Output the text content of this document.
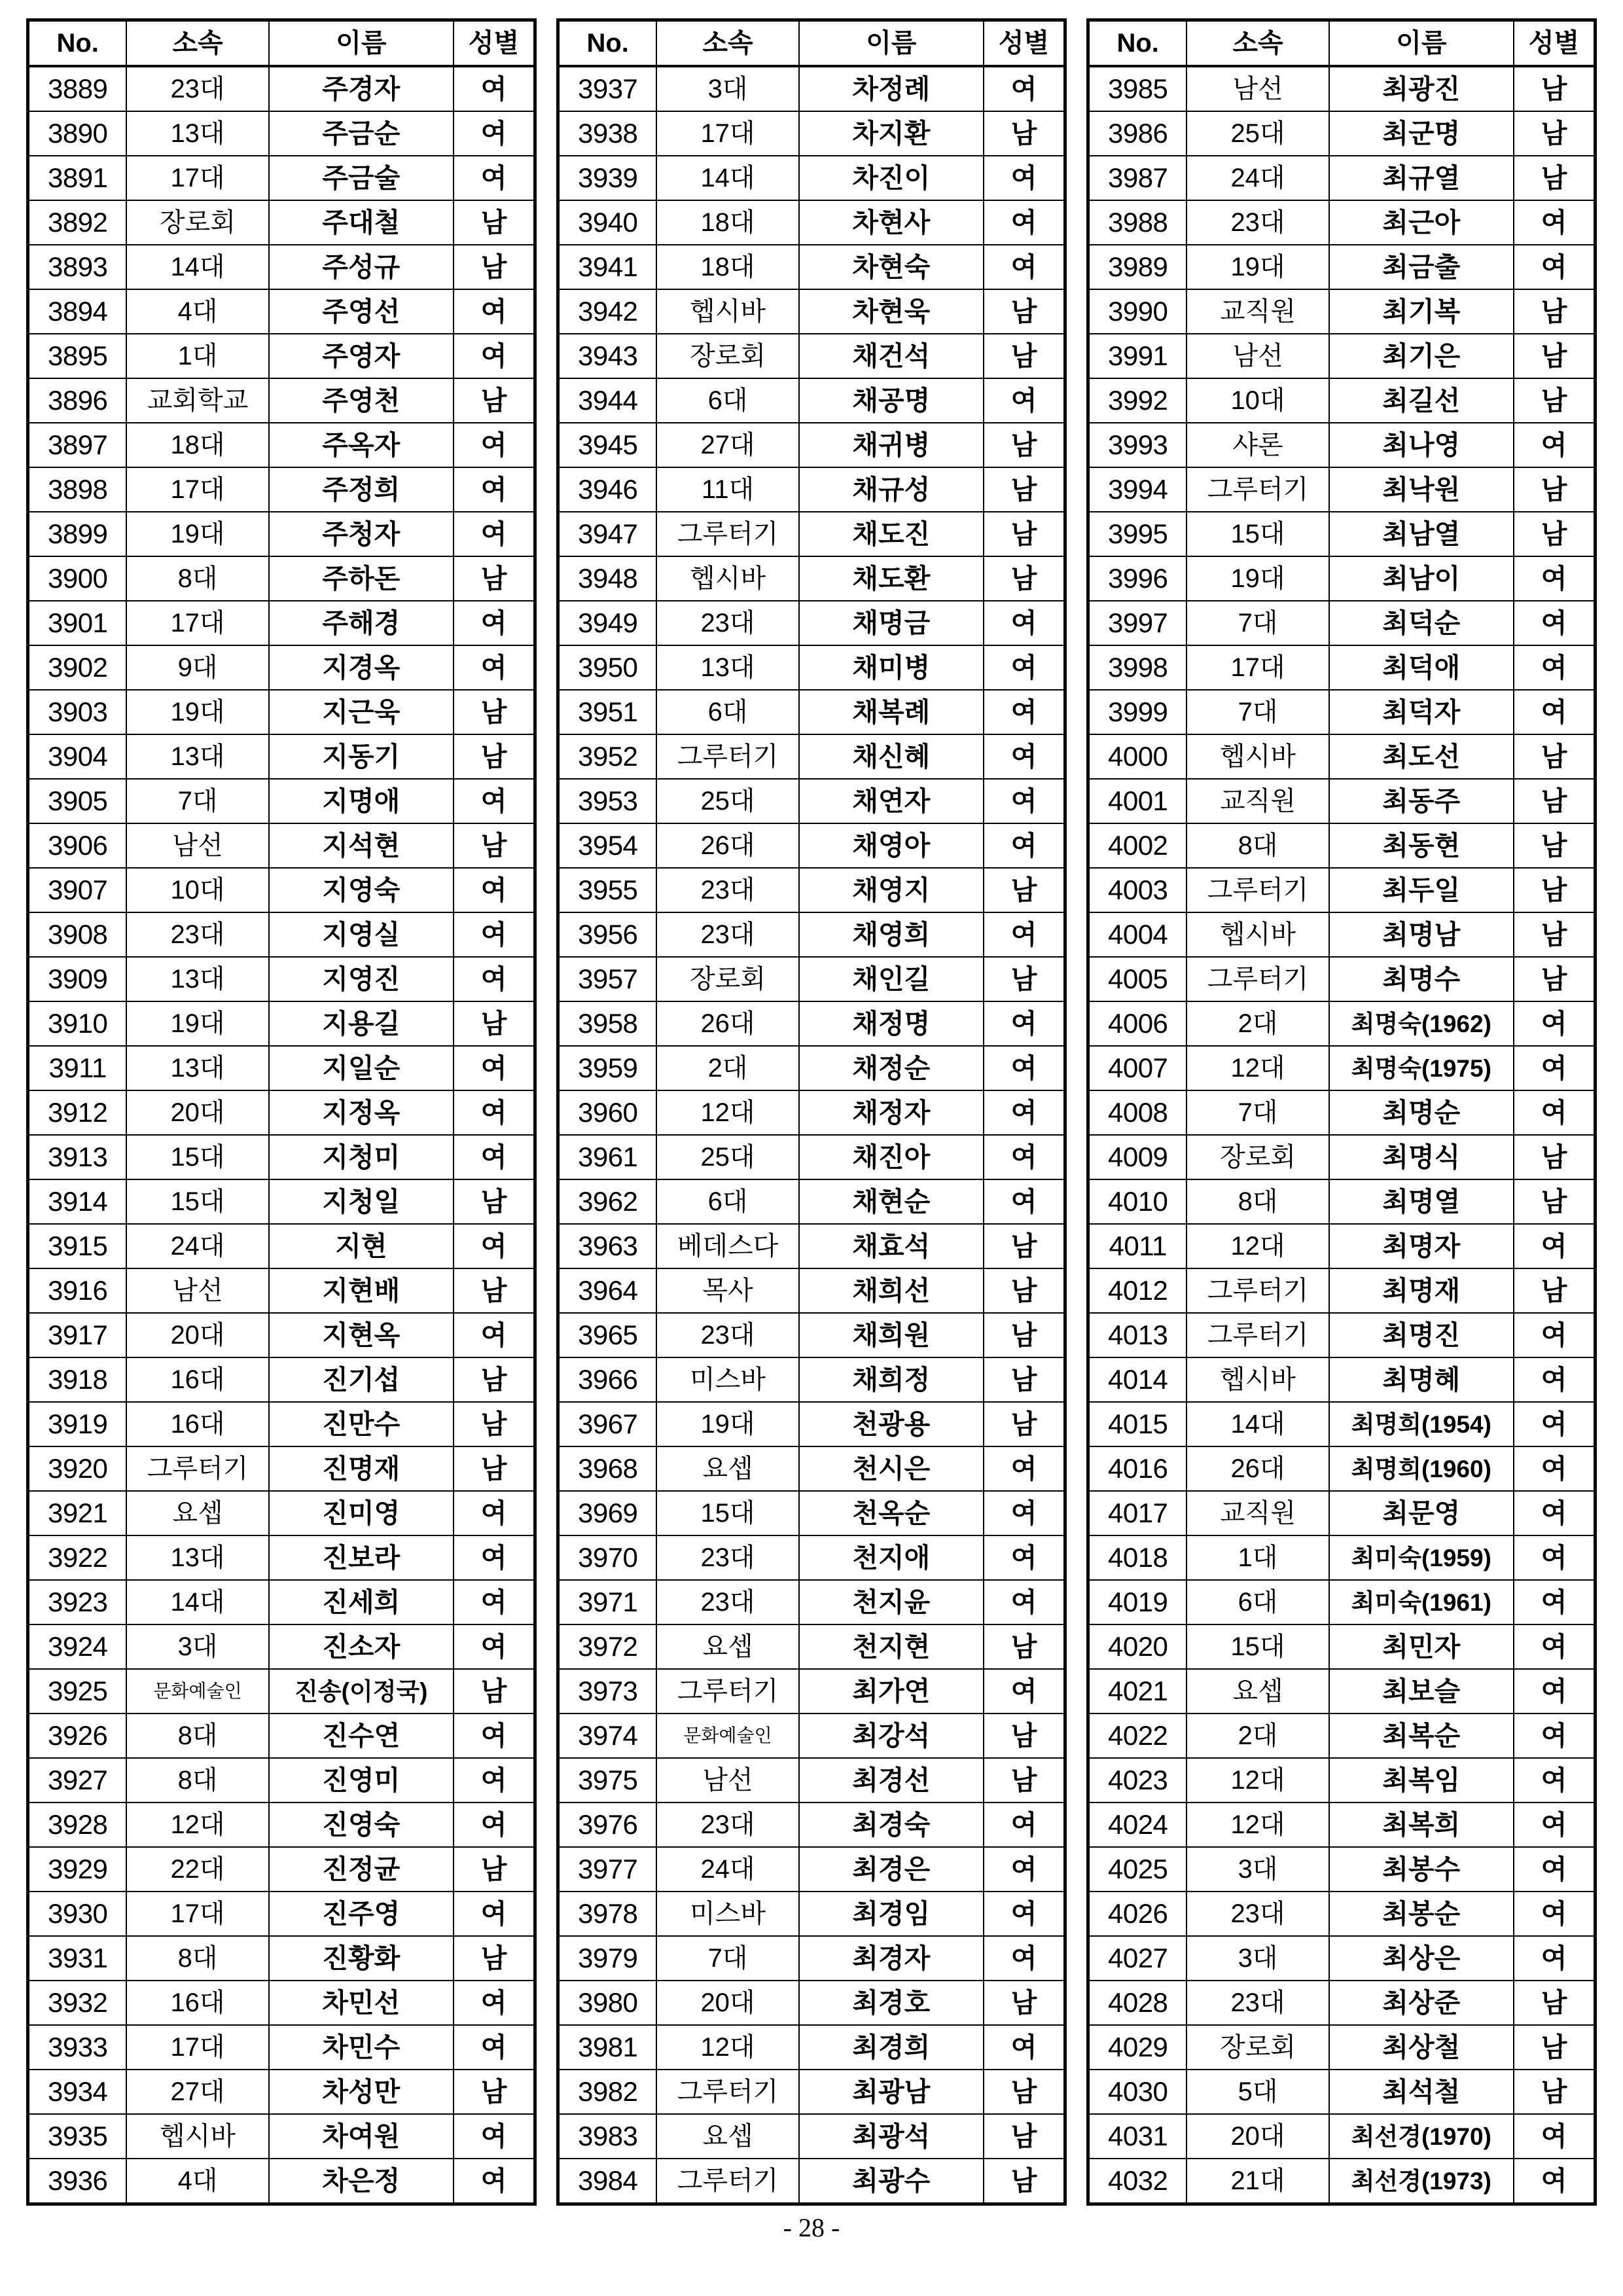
No.	소속	이름	성별
3889	23대	주경자	여
3890	13대	주금순	여
3891	17대	주금술	여
3892	장로회	주대철	남
3893	14대	주성규	남
3894	4대	주영선	여
3895	1대	주영자	여
3896	교회학교	주영천	남
3897	18대	주옥자	여
3898	17대	주정희	여
3899	19대	주청자	여
3900	8대	주하돈	남
3901	17대	주해경	여
3902	9대	지경옥	여
3903	19대	지근욱	남
3904	13대	지동기	남
3905	7대	지명애	여
3906	남선	지석현	남
3907	10대	지영숙	여
3908	23대	지영실	여
3909	13대	지영진	여
3910	19대	지용길	남
3911	13대	지일순	여
3912	20대	지정옥	여
3913	15대	지청미	여
3914	15대	지청일	남
3915	24대	지현	여
3916	남선	지현배	남
3917	20대	지현옥	여
3918	16대	진기섭	남
3919	16대	진만수	남
3920	그루터기	진명재	남
3921	요셉	진미영	여
3922	13대	진보라	여
3923	14대	진세희	여
3924	3대	진소자	여
3925	문화예술인	진송(이정국)	남
3926	8대	진수연	여
3927	8대	진영미	여
3928	12대	진영숙	여
3929	22대	진정균	남
3930	17대	진주영	여
3931	8대	진황화	남
3932	16대	차민선	여
3933	17대	차민수	여
3934	27대	차성만	남
3935	헵시바	차여원	여
3936	4대	차은정	여
No.	소속	이름	성별
3937	3대	차정례	여
3938	17대	차지환	남
3939	14대	차진이	여
3940	18대	차현사	여
3941	18대	차현숙	여
3942	헵시바	차현욱	남
3943	장로회	채건석	남
3944	6대	채공명	여
3945	27대	채귀병	남
3946	11대	채규성	남
3947	그루터기	채도진	남
3948	헵시바	채도환	남
3949	23대	채명금	여
3950	13대	채미병	여
3951	6대	채복례	여
3952	그루터기	채신혜	여
3953	25대	채연자	여
3954	26대	채영아	여
3955	23대	채영지	남
3956	23대	채영희	여
3957	장로회	채인길	남
3958	26대	채정명	여
3959	2대	채정순	여
3960	12대	채정자	여
3961	25대	채진아	여
3962	6대	채현순	여
3963	베데스다	채효석	남
3964	목사	채희선	남
3965	23대	채희원	남
3966	미스바	채희정	남
3967	19대	천광용	남
3968	요셉	천시은	여
3969	15대	천옥순	여
3970	23대	천지애	여
3971	23대	천지윤	여
3972	요셉	천지현	남
3973	그루터기	최가연	여
3974	문화예술인	최강석	남
3975	남선	최경선	남
3976	23대	최경숙	여
3977	24대	최경은	여
3978	미스바	최경임	여
3979	7대	최경자	여
3980	20대	최경호	남
3981	12대	최경희	여
3982	그루터기	최광남	남
3983	요셉	최광석	남
3984	그루터기	최광수	남
No.	소속	이름	성별
3985	남선	최광진	남
3986	25대	최군명	남
3987	24대	최규열	남
3988	23대	최근아	여
3989	19대	최금출	여
3990	교직원	최기복	남
3991	남선	최기은	남
3992	10대	최길선	남
3993	샤론	최나영	여
3994	그루터기	최낙원	남
3995	15대	최남열	남
3996	19대	최남이	여
3997	7대	최덕순	여
3998	17대	최덕애	여
3999	7대	최덕자	여
4000	헵시바	최도선	남
4001	교직원	최동주	남
4002	8대	최동현	남
4003	그루터기	최두일	남
4004	헵시바	최명남	남
4005	그루터기	최명수	남
4006	2대	최명숙(1962)	여
4007	12대	최명숙(1975)	여
4008	7대	최명순	여
4009	장로회	최명식	남
4010	8대	최명열	남
4011	12대	최명자	여
4012	그루터기	최명재	남
4013	그루터기	최명진	여
4014	헵시바	최명혜	여
4015	14대	최명희(1954)	여
4016	26대	최명희(1960)	여
4017	교직원	최문영	여
4018	1대	최미숙(1959)	여
4019	6대	최미숙(1961)	여
4020	15대	최민자	여
4021	요셉	최보슬	여
4022	2대	최복순	여
4023	12대	최복임	여
4024	12대	최복희	여
4025	3대	최봉수	여
4026	23대	최봉순	여
4027	3대	최상은	여
4028	23대	최상준	남
4029	장로회	최상철	남
4030	5대	최석철	남
4031	20대	최선경(1970)	여
4032	21대	최선경(1973)	여
- 28 -
